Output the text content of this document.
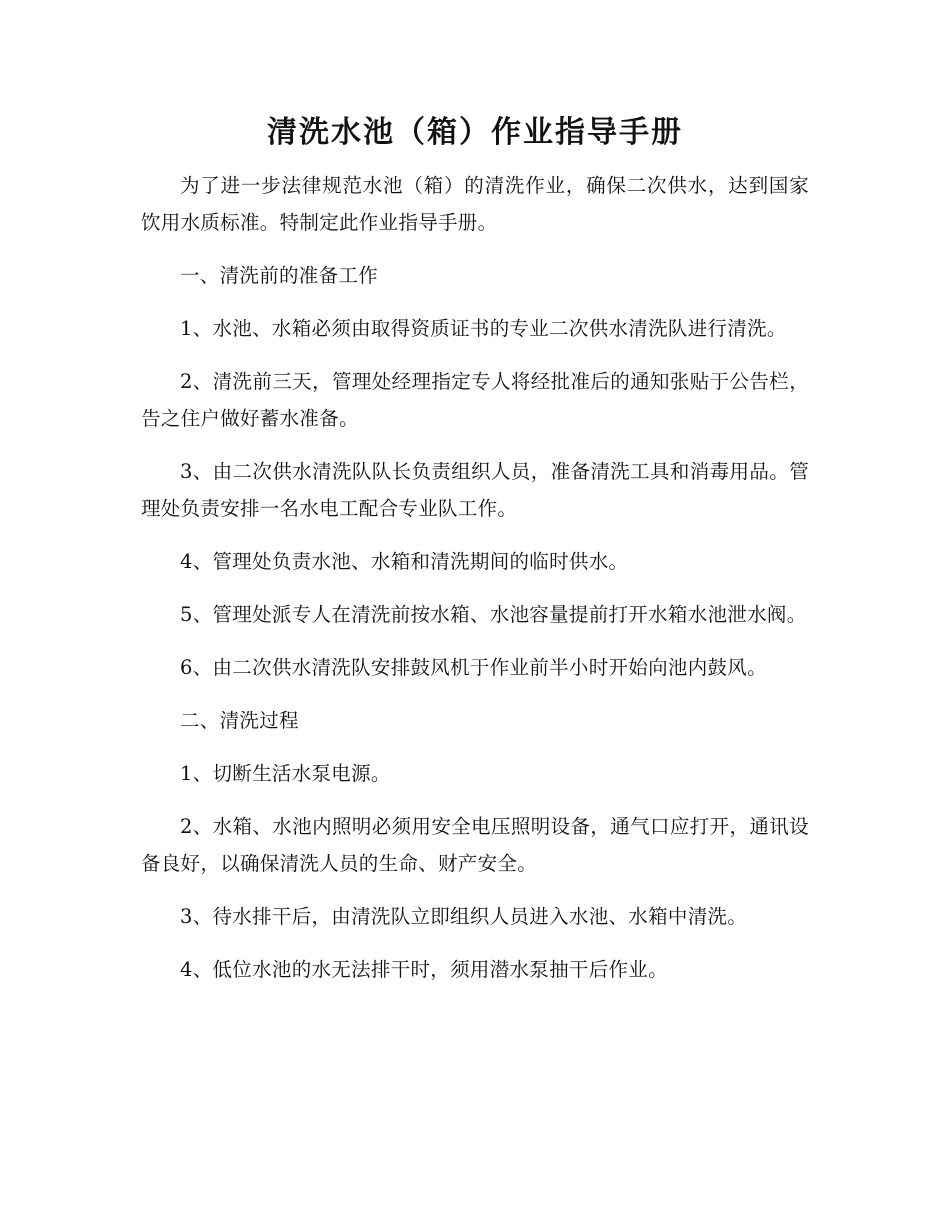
清洗水池（箱）作业指导手册

为了进一步法律规范水池（箱）的清洗作业，确保二次供水，达到国家饮用水质标准。特制定此作业指导手册。

一、清洗前的准备工作

1、水池、水箱必须由取得资质证书的专业二次供水清洗队进行清洗。

2、清洗前三天，管理处经理指定专人将经批准后的通知张贴于公告栏，告之住户做好蓄水准备。

3、由二次供水清洗队队长负责组织人员，准备清洗工具和消毒用品。管理处负责安排一名水电工配合专业队工作。

4、管理处负责水池、水箱和清洗期间的临时供水。

5、管理处派专人在清洗前按水箱、水池容量提前打开水箱水池泄水阀。

6、由二次供水清洗队安排鼓风机于作业前半小时开始向池内鼓风。

二、清洗过程

1、切断生活水泵电源。

2、水箱、水池内照明必须用安全电压照明设备，通气口应打开，通讯设备良好，以确保清洗人员的生命、财产安全。

3、待水排干后，由清洗队立即组织人员进入水池、水箱中清洗。

4、低位水池的水无法排干时，须用潜水泵抽干后作业。
